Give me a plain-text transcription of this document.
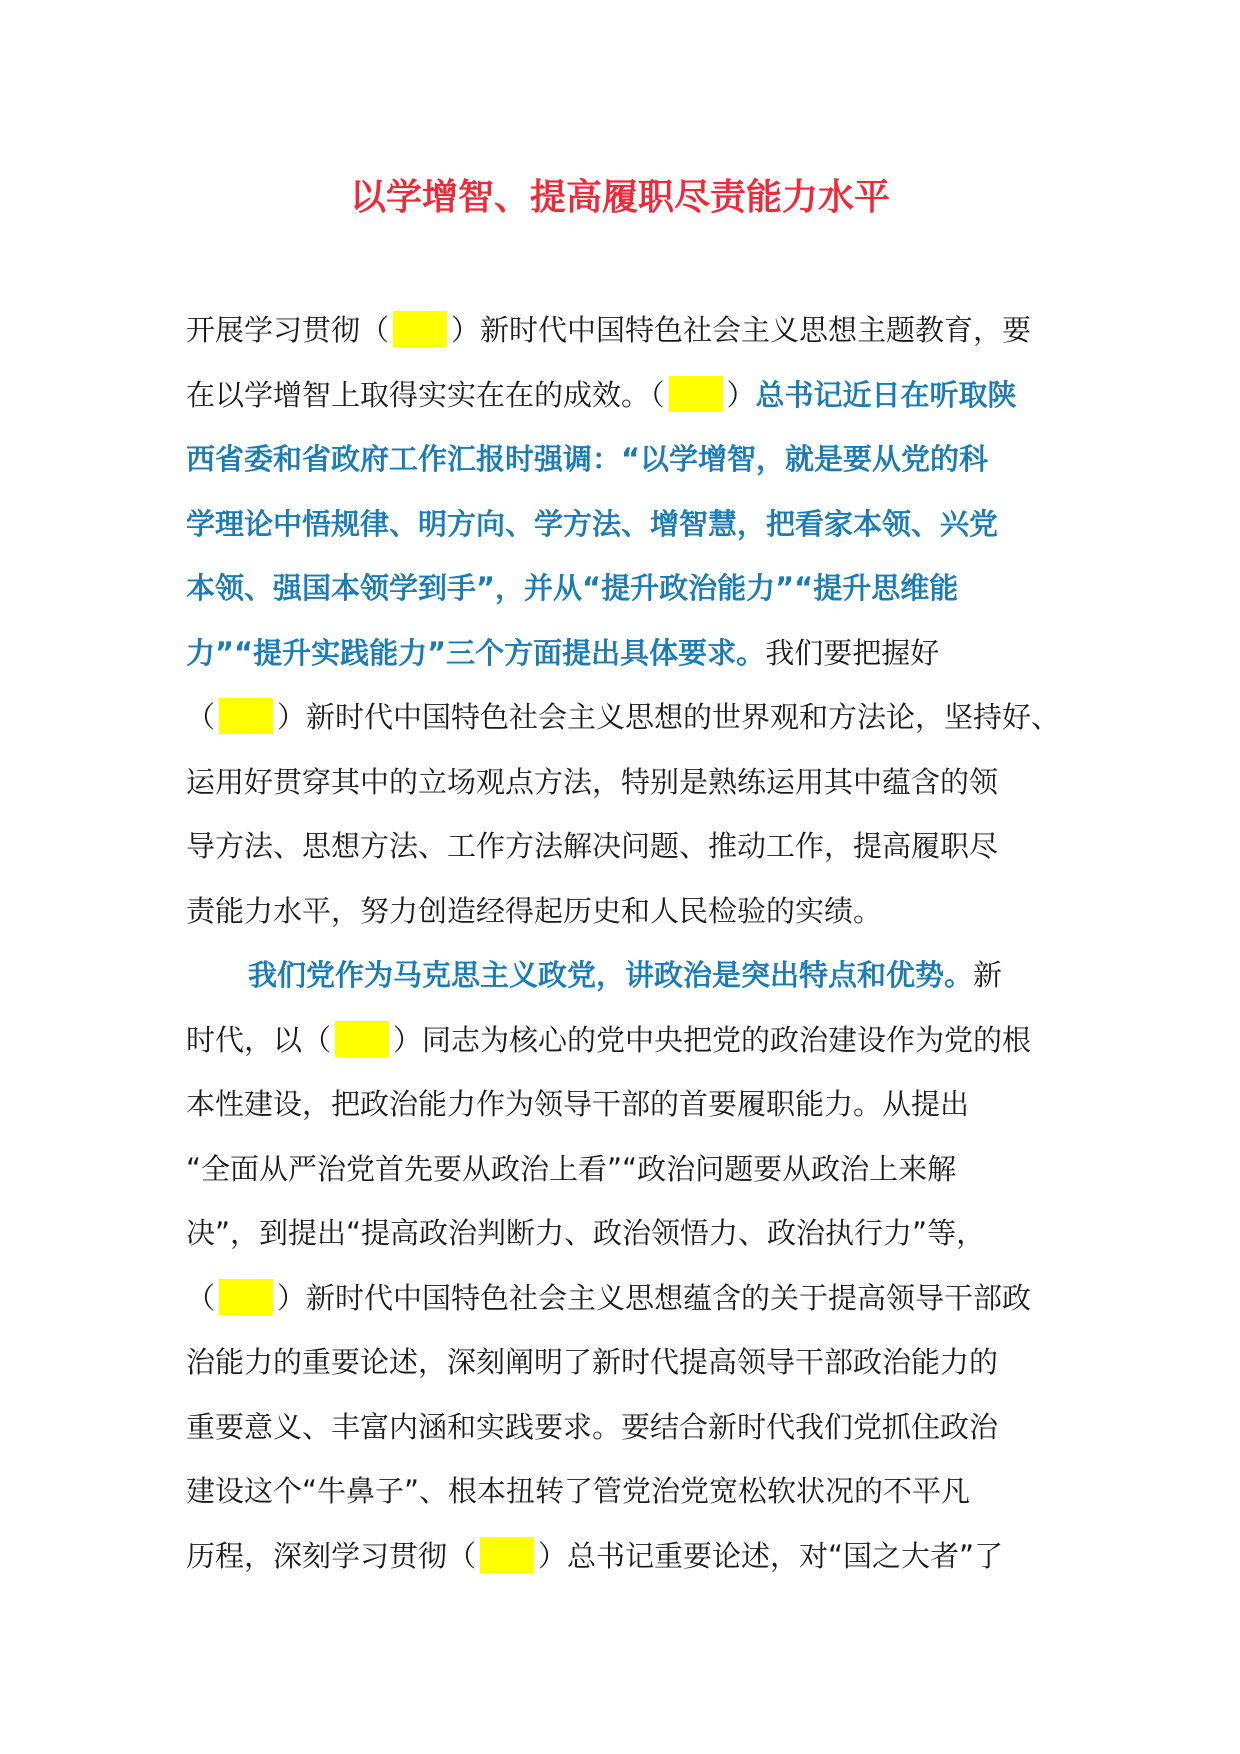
以学增智、提高履职尽责能力水平
开展学习贯彻（ ）新时代中国特色社会主义思想主题教育，要
在以学增智上取得实实在在的成效。（ ）总书记近日在听取陕
西省委和省政府工作汇报时强调：“以学增智，就是要从党的科
学理论中悟规律、明方向、学方法、增智慧，把看家本领、兴党
本领、强国本领学到手”，并从“提升政治能力”“提升思维能
力”“提升实践能力”三个方面提出具体要求。我们要把握好
（ ）新时代中国特色社会主义思想的世界观和方法论，坚持好、
运用好贯穿其中的立场观点方法，特别是熟练运用其中蕴含的领
导方法、思想方法、工作方法解决问题、推动工作，提高履职尽
责能力水平，努力创造经得起历史和人民检验的实绩。
我们党作为马克思主义政党，讲政治是突出特点和优势。新
时代，以（ ）同志为核心的党中央把党的政治建设作为党的根
本性建设，把政治能力作为领导干部的首要履职能力。从提出
“全面从严治党首先要从政治上看”“政治问题要从政治上来解
决”，到提出“提高政治判断力、政治领悟力、政治执行力”等，
（ ）新时代中国特色社会主义思想蕴含的关于提高领导干部政
治能力的重要论述，深刻阐明了新时代提高领导干部政治能力的
重要意义、丰富内涵和实践要求。要结合新时代我们党抓住政治
建设这个“牛鼻子”、根本扭转了管党治党宽松软状况的不平凡
历程，深刻学习贯彻（ ）总书记重要论述，对“国之大者”了
